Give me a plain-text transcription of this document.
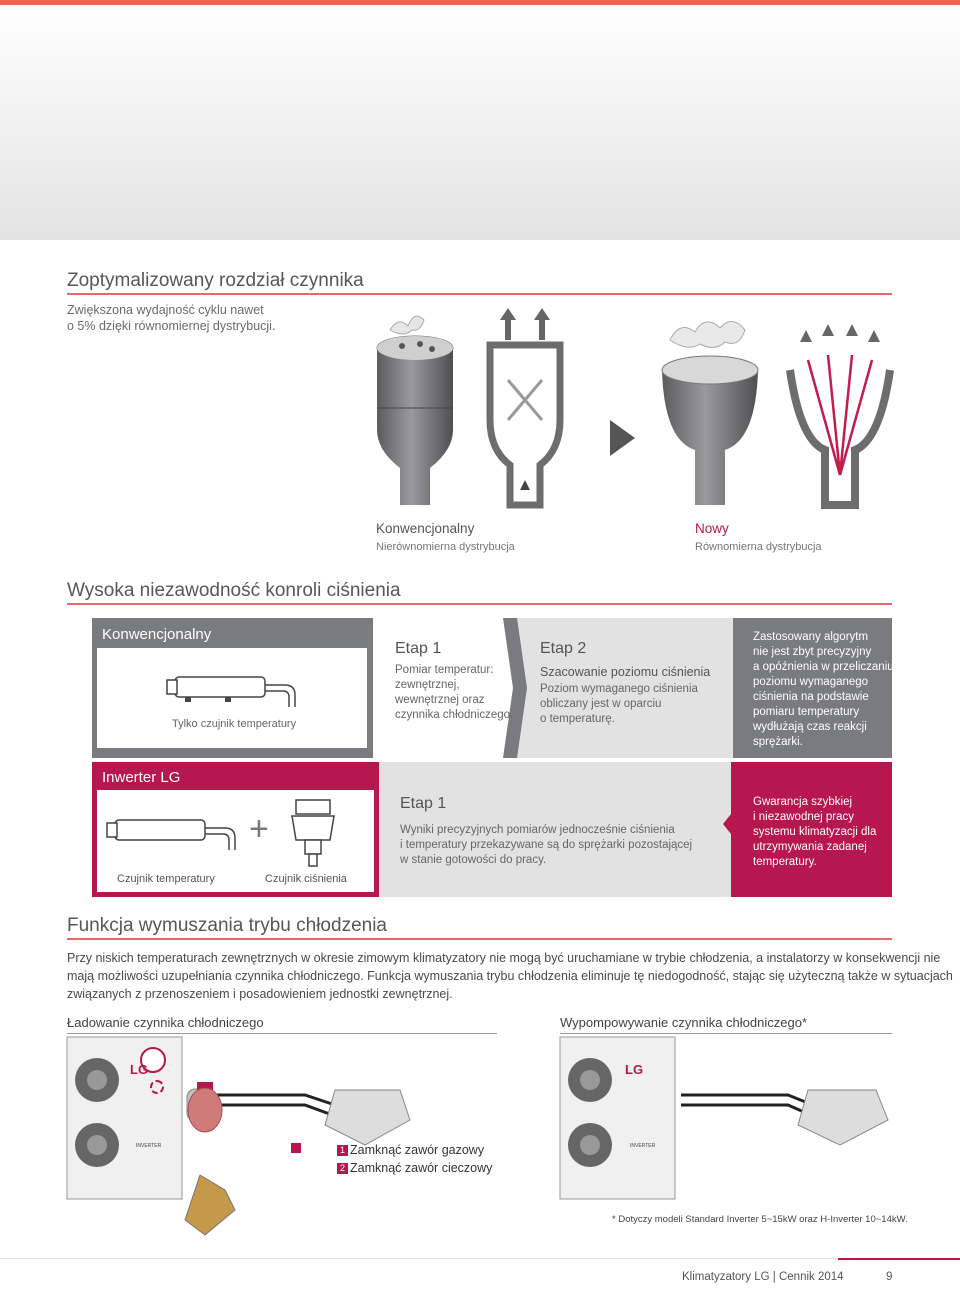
Zoptymalizowany rozdział czynnika
Zwiększona wydajność cyklu nawet
o 5% dzięki równomiernej dystrybucji.
Konwencjonalny
Nierównomierna dystrybucja
Nowy
Równomierna dystrybucja
Wysoka niezawodność konroli ciśnienia
Konwencjonalny
Tylko czujnik temperatury
Etap 1
Pomiar temperatur:
zewnętrznej,
wewnętrznej oraz
czynnika chłodniczego.
Etap 2
Szacowanie poziomu ciśnienia
Poziom wymaganego ciśnienia
obliczany jest w oparciu
o temperaturę.
Zastosowany algorytm
nie jest zbyt precyzyjny
a opóźnienia w przeliczaniu
poziomu wymaganego
ciśnienia na podstawie
pomiaru temperatury
wydłużają czas reakcji
sprężarki.
Inwerter LG
+
Czujnik temperatury	Czujnik ciśnienia
Etap 1
Wyniki precyzyjnych pomiarów jednocześnie ciśnienia
i temperatury przekazywane są do sprężarki pozostającej
w stanie gotowości do pracy.
Gwarancja szybkiej
i niezawodnej pracy
systemu klimatyzacji dla
utrzymywania zadanej
temperatury.
Funkcja wymuszania trybu chłodzenia
Przy niskich temperaturach zewnętrznych w okresie zimowym klimatyzatory nie mogą być uruchamiane w trybie chłodzenia, a instalatorzy w konsekwencji nie
mają możliwości uzupełniania czynnika chłodniczego. Funkcja wymuszania trybu chłodzenia eliminuje tę niedogodność, stając się użyteczną także w sytuacjach
związanych z przenoszeniem i posadowieniem jednostki zewnętrznej.
Ładowanie czynnika chłodniczego	Wypompowywanie czynnika chłodniczego*
LG
INVERTER	1 Zamknąć zawór gazowy
2 Zamknąć zawór cieczowy
LG
INVERTER
* Dotyczy modeli Standard Inverter 5~15kW oraz H-Inverter 10~14kW.
Klimatyzatory LG | Cennik 2014	9
